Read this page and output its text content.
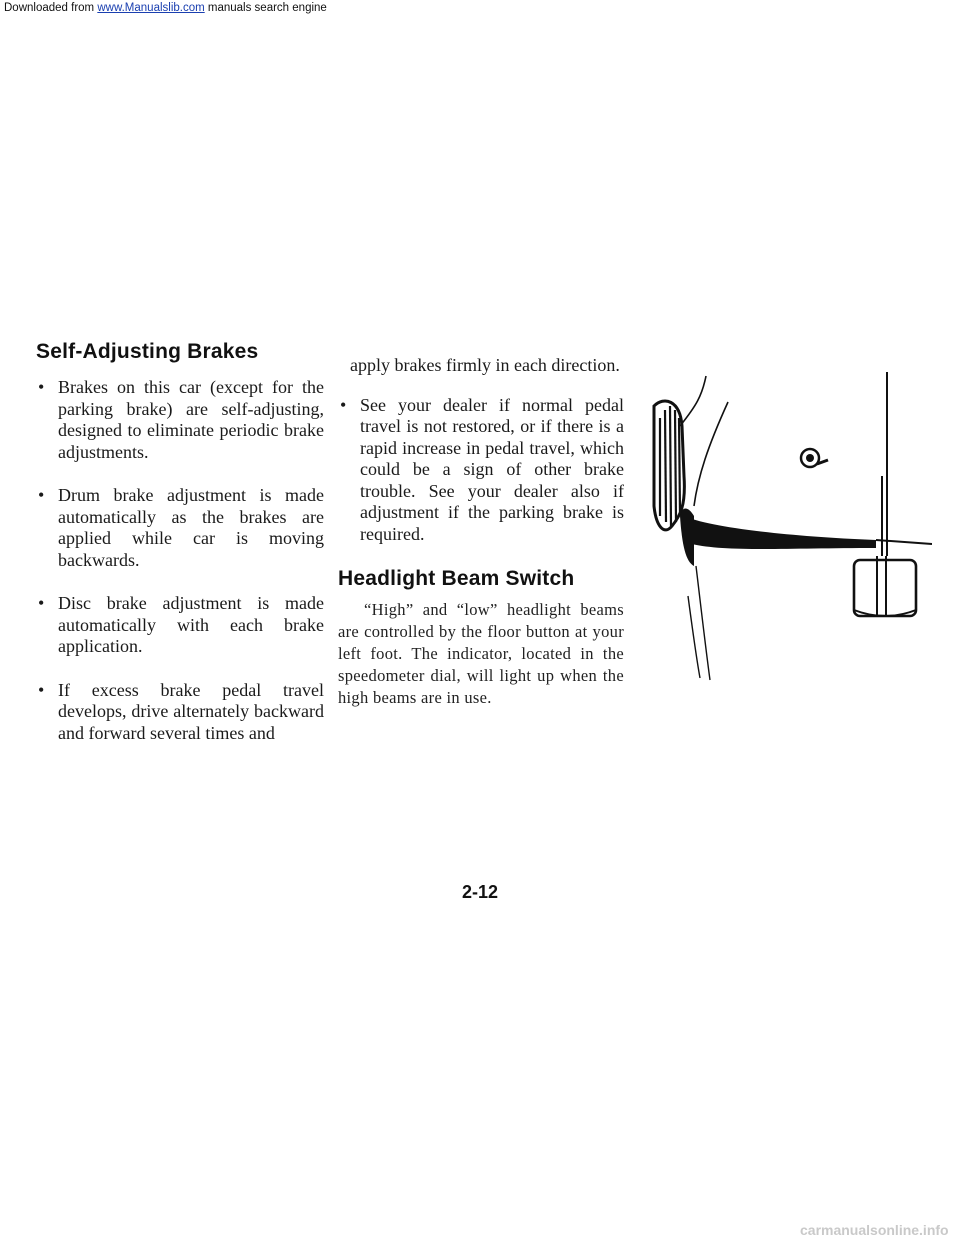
Downloaded from www.Manualslib.com manuals search engine
Self-Adjusting Brakes
• Brakes on this car (except for the parking brake) are self-adjusting, designed to eliminate periodic brake adjustments.
• Drum brake adjustment is made automatically as the brakes are applied while car is moving backwards.
• Disc brake adjustment is made automatically with each brake application.
• If excess brake pedal travel develops, drive alternately backward and forward several times and

apply brakes firmly in each direction.

• See your dealer if normal pedal travel is not restored, or if there is a rapid increase in pedal travel, which could be a sign of other brake trouble. See your dealer also if adjustment if the parking brake is required.
Headlight Beam Switch

“High” and “low” headlight beams are controlled by the floor button at your left foot. The indicator, located in the speedometer dial, will light up when the high beams are in use.

2-12
carmanualsonline.info
